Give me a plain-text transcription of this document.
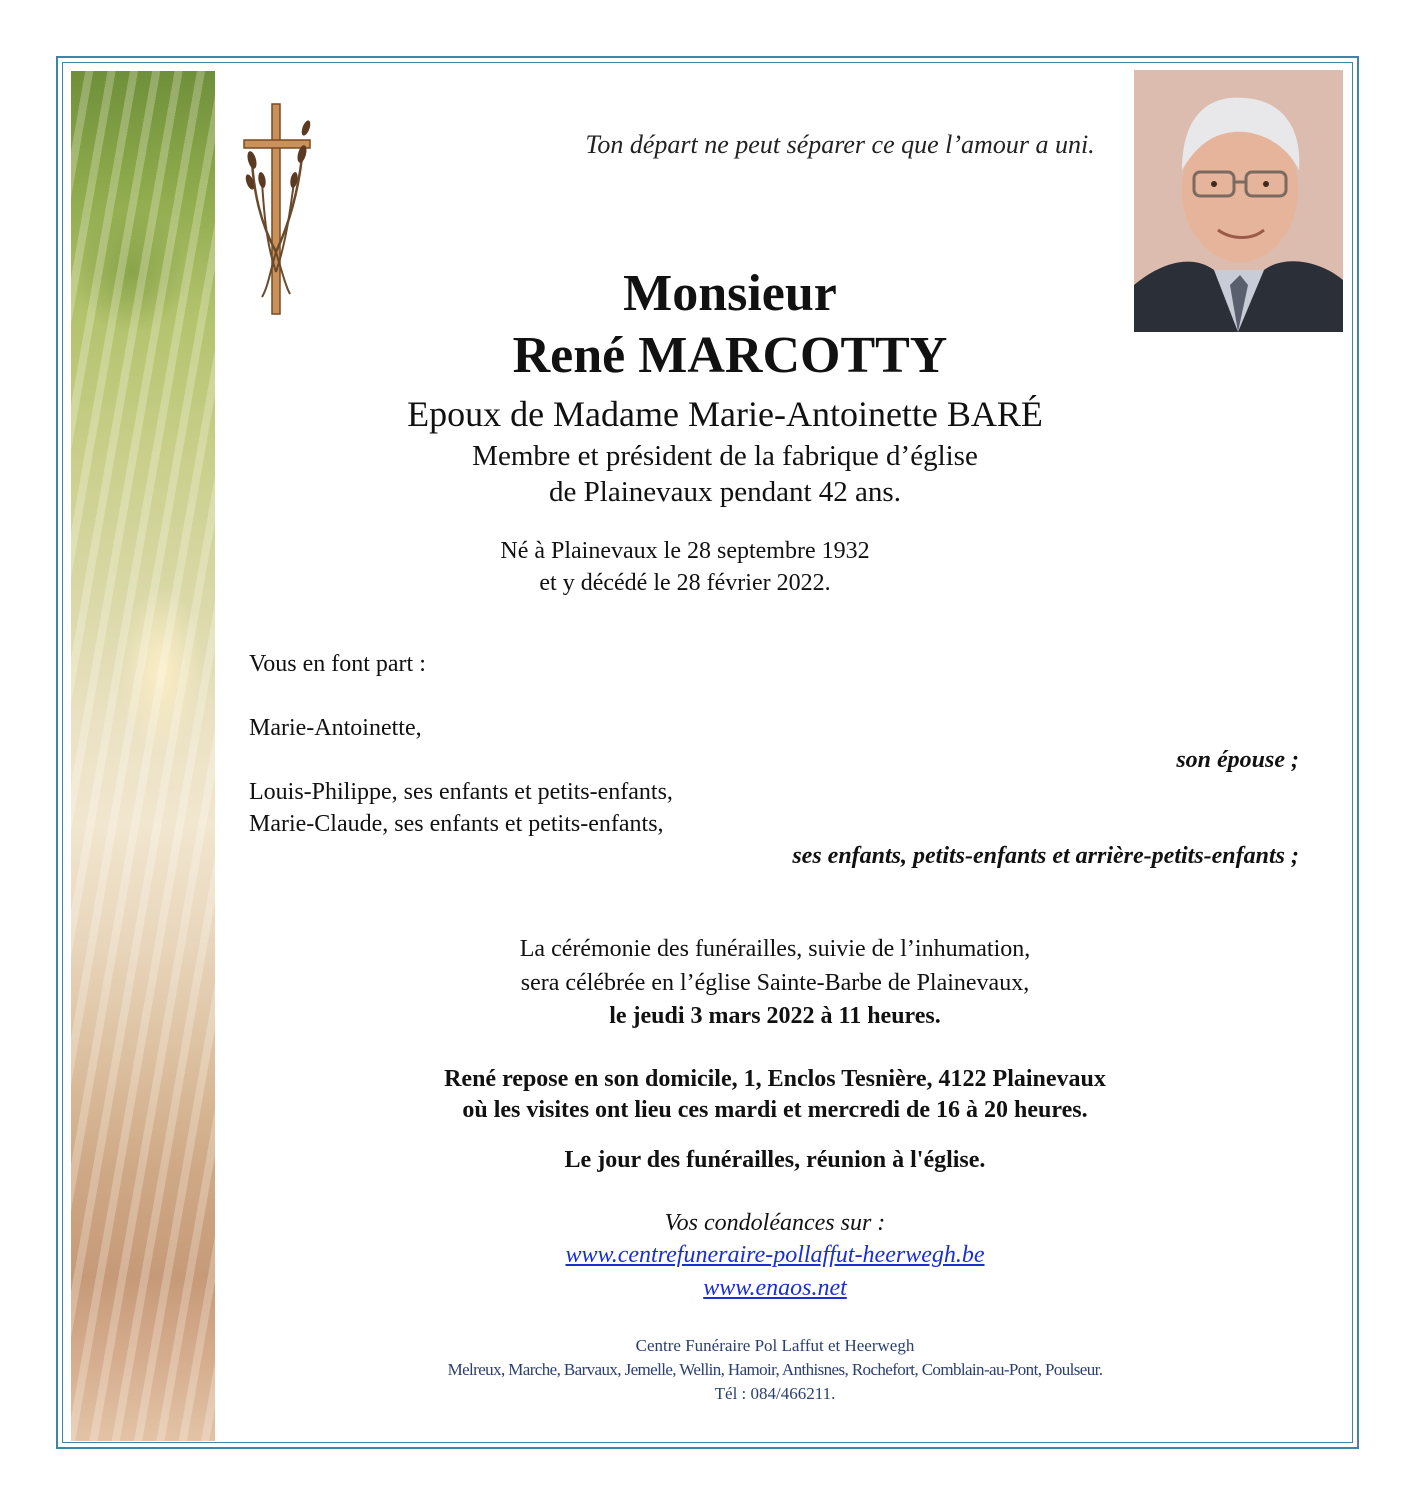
Ton départ ne peut séparer ce que l’amour a uni.
Monsieur
René MARCOTTY
Epoux de Madame Marie-Antoinette BARÉ
Membre et président de la fabrique d’église
de Plainevaux pendant 42 ans.
Né à Plainevaux le 28 septembre 1932
et y décédé le 28 février 2022.
Vous en font part :
Marie-Antoinette,
son épouse ;
Louis-Philippe, ses enfants et petits-enfants,
Marie-Claude, ses enfants et petits-enfants,
ses enfants, petits-enfants et arrière-petits-enfants ;
La cérémonie des funérailles, suivie de l’inhumation,
sera célébrée en l’église Sainte-Barbe de Plainevaux,
le jeudi 3 mars 2022 à 11 heures.
René repose en son domicile, 1, Enclos Tesnière, 4122 Plainevaux
où les visites ont lieu ces mardi et mercredi de 16 à 20 heures.
Le jour des funérailles, réunion à l'église.
Vos condoléances sur :
www.centrefuneraire-pollaffut-heerwegh.be
www.enaos.net
Centre Funéraire Pol Laffut et Heerwegh
Melreux, Marche, Barvaux, Jemelle, Wellin, Hamoir, Anthisnes, Rochefort, Comblain-au-Pont, Poulseur.
Tél : 084/466211.
